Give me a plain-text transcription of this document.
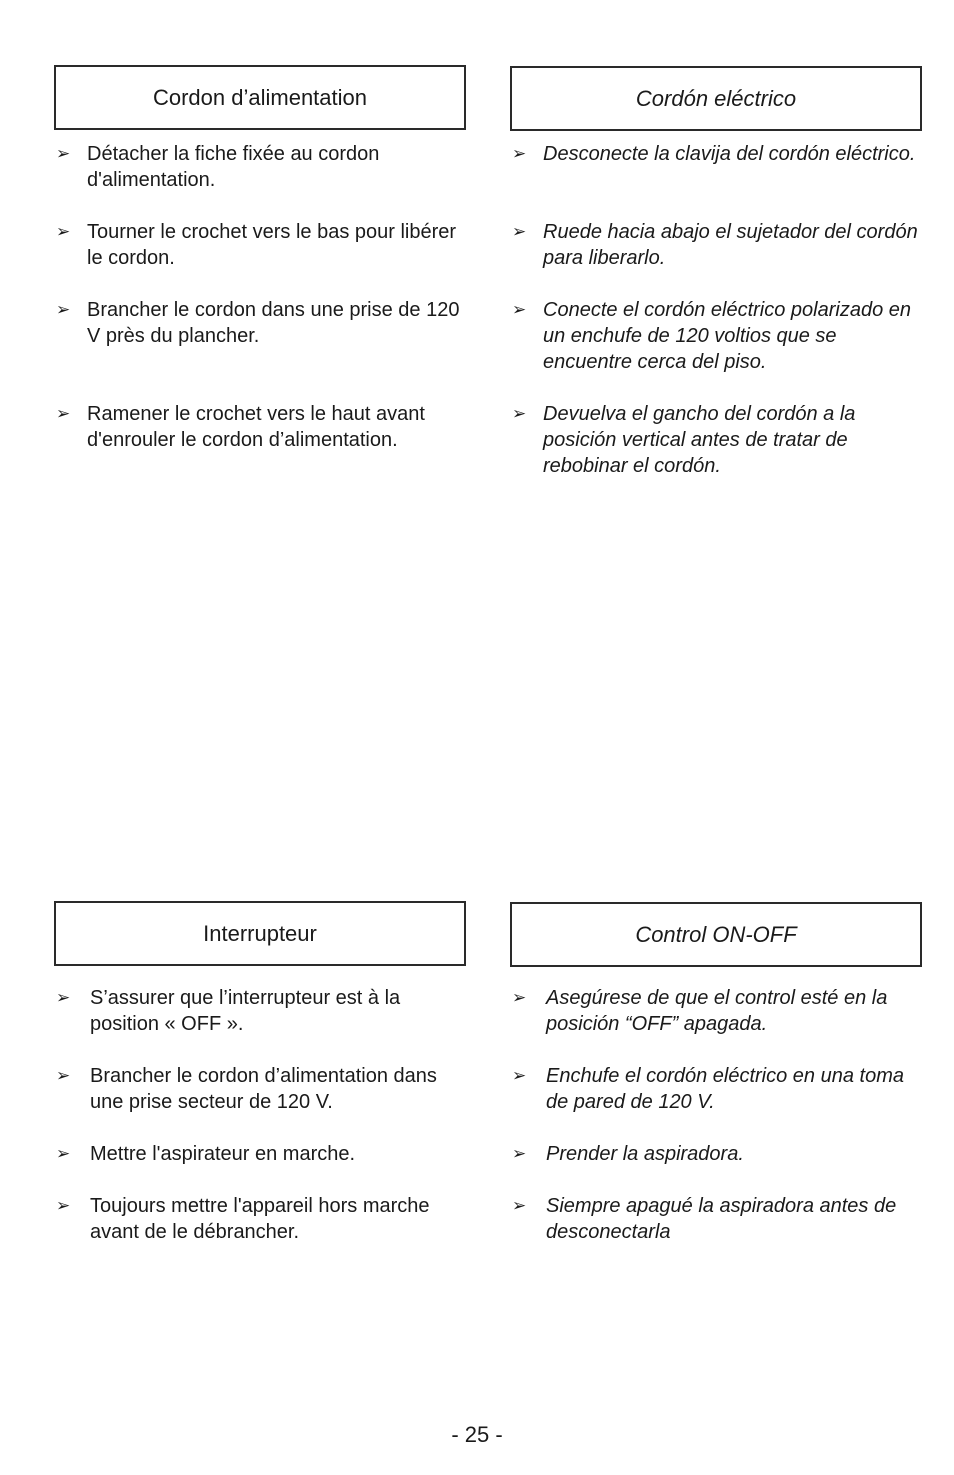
Cordon d’alimentation
➢ Détacher la fiche fixée au cordon d'alimentation.
➢ Tourner le crochet vers le bas pour libérer le cordon.
➢ Brancher le cordon dans une prise de 120 V près du plancher.
➢ Ramener le crochet vers le haut avant d'enrouler le cordon d’alimentation.
Cordón eléctrico
➢ Desconecte la clavija del cordón eléctrico.
➢ Ruede hacia abajo el sujetador del cordón para liberarlo.
➢ Conecte el cordón eléctrico polarizado en un enchufe de 120 voltios que se encuentre cerca del piso.
➢ Devuelva el gancho del cordón a la posición vertical antes de tratar de rebobinar el cordón.
Interrupteur
➢ S’assurer que l’interrupteur est à la position « OFF ».
➢ Brancher le cordon d’alimentation dans une prise secteur de 120 V.
➢ Mettre l'aspirateur en marche.
➢ Toujours mettre l'appareil hors marche avant de le débrancher.
Control ON-OFF
➢ Asegúrese de que el control esté en la posición “OFF” apagada.
➢ Enchufe el cordón eléctrico en una toma de pared de 120 V.
➢ Prender la aspiradora.
➢ Siempre apagué la aspiradora antes de desconectarla
- 25 -
